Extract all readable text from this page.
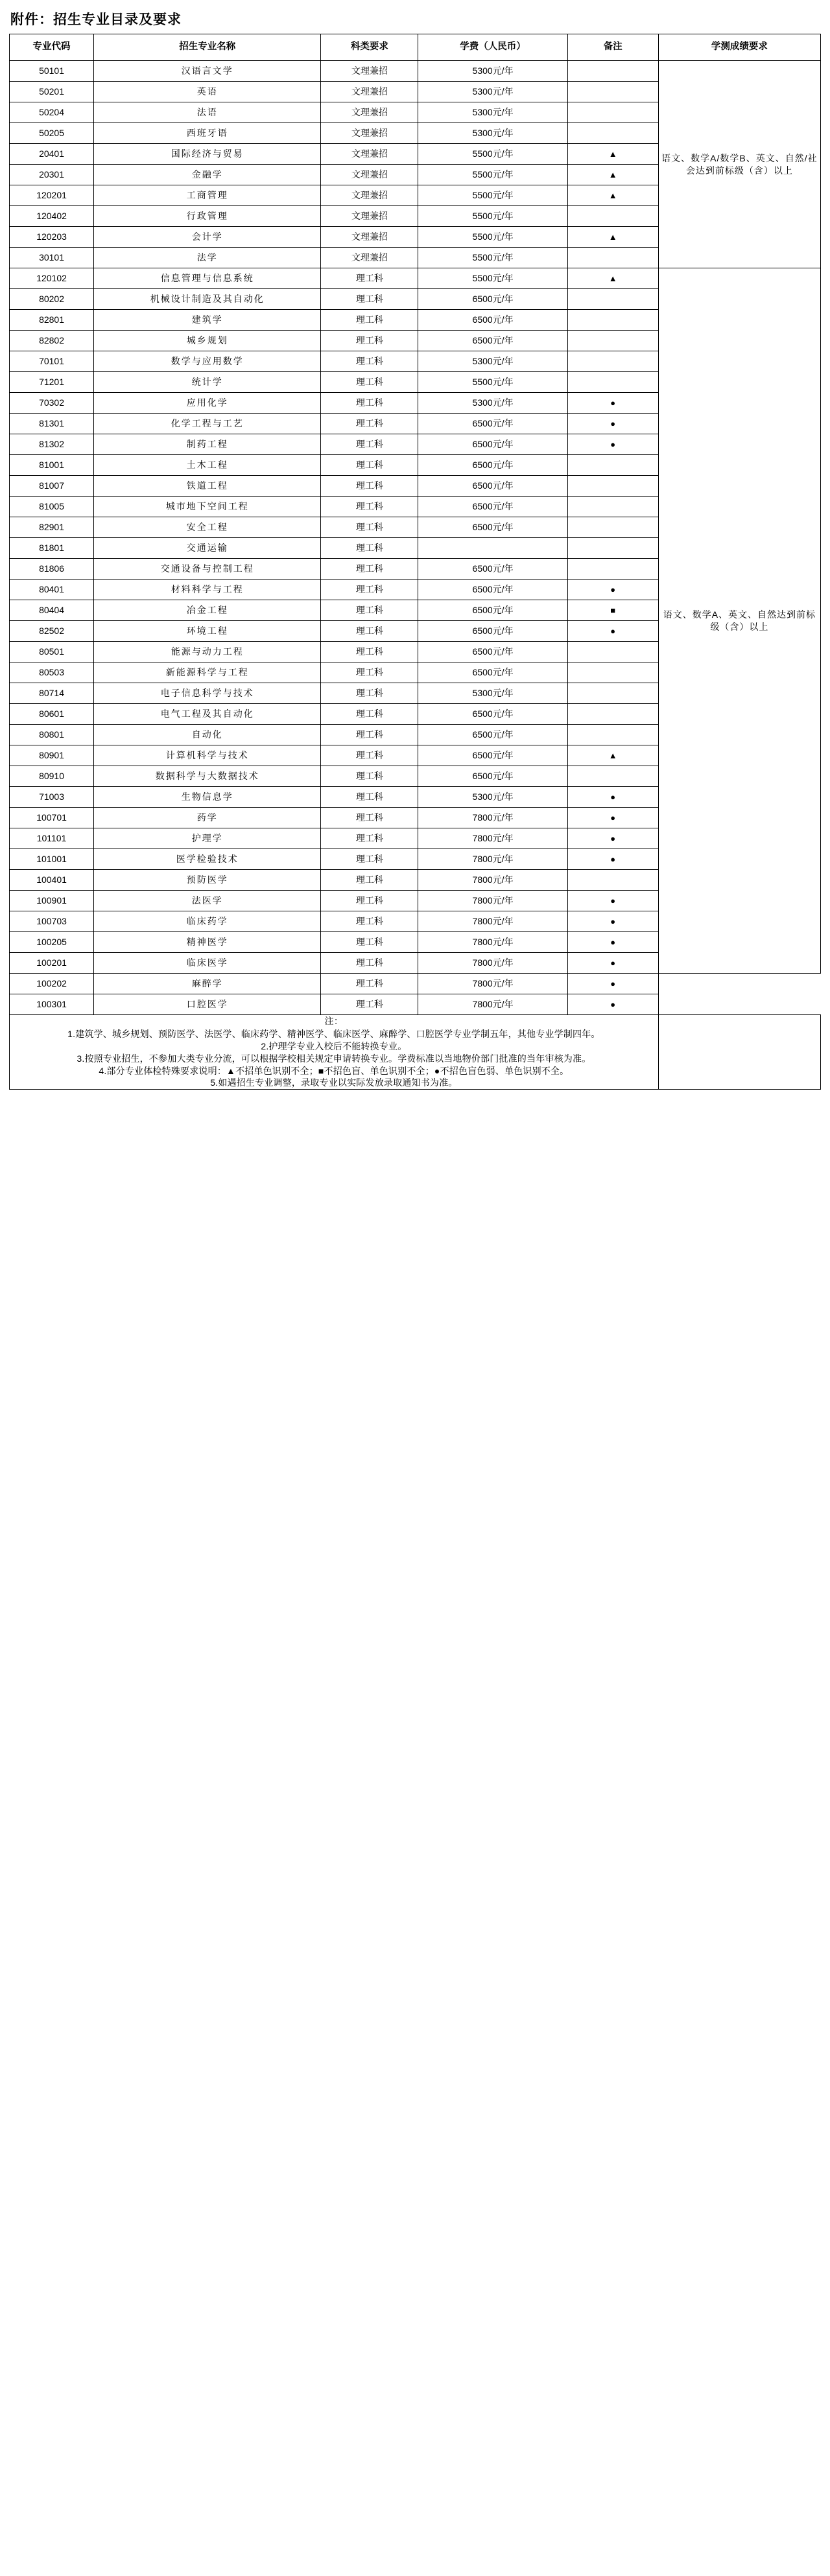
附件：招生专业目录及要求
专业代码	招生专业名称	科类要求	学费（人民币）	备注	学测成绩要求
50101	汉语言文学	文理兼招	5300元/年		语文、数学A/数学B、英文、自然/社会达到前标级（含）以上
50201	英语	文理兼招	5300元/年		
50204	法语	文理兼招	5300元/年		
50205	西班牙语	文理兼招	5300元/年		
20401	国际经济与贸易	文理兼招	5500元/年	▲	
20301	金融学	文理兼招	5500元/年	▲	
120201	工商管理	文理兼招	5500元/年	▲	
120402	行政管理	文理兼招	5500元/年		
120203	会计学	文理兼招	5500元/年	▲	
30101	法学	文理兼招	5500元/年		
120102	信息管理与信息系统	理工科	5500元/年	▲	语文、数学A、英文、自然达到前标级（含）以上
80202	机械设计制造及其自动化	理工科	6500元/年		
82801	建筑学	理工科	6500元/年		
82802	城乡规划	理工科	6500元/年		
70101	数学与应用数学	理工科	5300元/年		
71201	统计学	理工科	5500元/年		
70302	应用化学	理工科	5300元/年	●	
81301	化学工程与工艺	理工科	6500元/年	●	
81302	制药工程	理工科	6500元/年	●	
81001	土木工程	理工科	6500元/年		
81007	铁道工程	理工科	6500元/年		
81005	城市地下空间工程	理工科	6500元/年		
82901	安全工程	理工科	6500元/年		
81801	交通运输	理工科			
81806	交通设备与控制工程	理工科	6500元/年		
80401	材料科学与工程	理工科	6500元/年	●	
80404	冶金工程	理工科	6500元/年	■	
82502	环境工程	理工科	6500元/年	●	
80501	能源与动力工程	理工科	6500元/年		
80503	新能源科学与工程	理工科	6500元/年		
80714	电子信息科学与技术	理工科	5300元/年		
80601	电气工程及其自动化	理工科	6500元/年		
80801	自动化	理工科	6500元/年		
80901	计算机科学与技术	理工科	6500元/年	▲	
80910	数据科学与大数据技术	理工科	6500元/年		
71003	生物信息学	理工科	5300元/年	●	
100701	药学	理工科	7800元/年	●	
101101	护理学	理工科	7800元/年	●	
101001	医学检验技术	理工科	7800元/年	●	
100401	预防医学	理工科	7800元/年		
100901	法医学	理工科	7800元/年	●	
100703	临床药学	理工科	7800元/年	●	
100205	精神医学	理工科	7800元/年	●	
100201	临床医学	理工科	7800元/年	●	
100202	麻醉学	理工科	7800元/年	●	
100301	口腔医学	理工科	7800元/年	●	

注：

1.建筑学、城乡规划、预防医学、法医学、临床药学、精神医学、临床医学、麻醉学、口腔医学专业学制五年，其他专业学制四年。

2.护理学专业入校后不能转换专业。

3.按照专业招生，不参加大类专业分流，可以根据学校相关规定申请转换专业。学费标准以当地物价部门批准的当年审核为准。

4.部分专业体检特殊要求说明：▲不招单色识别不全；■不招色盲、单色识别不全；●不招色盲色弱、单色识别不全。

5.如遇招生专业调整，录取专业以实际发放录取通知书为准。
